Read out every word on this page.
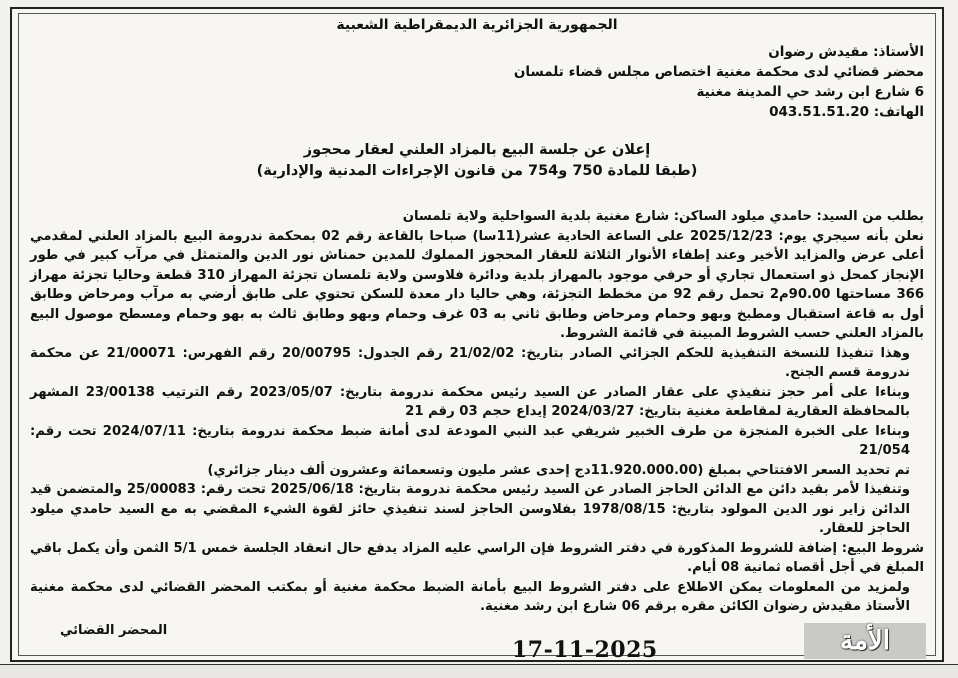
الجمهورية الجزائرية الديمقراطية الشعبية
الأستاذ: مقيدش رضوان
محضر قضائي لدى محكمة مغنية اختصاص مجلس قضاء تلمسان
6 شارع ابن رشد حي المدينة مغنية
الهاتف: 043.51.51.20
إعلان عن جلسة البيع بالمزاد العلني لعقار محجوز
(طبقا للمادة 750 و754 من قانون الإجراءات المدنية والإدارية)
بطلب من السيد: حامدي ميلود الساكن: شارع مغنية بلدية السواحلية ولاية تلمسان
نعلن بأنه سيجري يوم: 2025/12/23 على الساعة الحادية عشر(11سا) صباحا بالقاعة رقم 02 بمحكمة ندرومة البيع بالمزاد العلني لمقدمي أعلى عرض والمزايد الأخير وعند إطفاء الأنوار الثلاثة للعقار المحجوز المملوك للمدين حمناش نور الدين والمتمثل في مرآب كبير في طور الإنجاز كمحل ذو استعمال تجاري أو حرفي موجود بالمهراز بلدية ودائرة فلاوسن ولاية تلمسان تجزئة المهراز 310 قطعة وحاليا تجزئة مهراز 366 مساحتها 90.00م2 تحمل رقم 92 من مخطط التجزئة، وهي حاليا دار معدة للسكن تحتوي على طابق أرضي به مرآب ومرحاض وطابق أول به قاعة استقبال ومطبخ وبهو وحمام ومرحاض وطابق ثاني به 03 غرف وحمام وبهو وطابق ثالث به بهو وحمام ومسطح موصول البيع بالمزاد العلني حسب الشروط المبينة في قائمة الشروط.
وهذا تنفيذا للنسخة التنفيذية للحكم الجزائي الصادر بتاريخ: 21/02/02 رقم الجدول: 20/00795 رقم الفهرس: 21/00071 عن محكمة ندرومة قسم الجنح.
وبناءا على أمر حجز تنفيذي على عقار الصادر عن السيد رئيس محكمة ندرومة بتاريخ: 2023/05/07 رقم الترتيب 23/00138 المشهر بالمحافظة العقارية لمقاطعة مغنية بتاريخ: 2024/03/27 إيداع حجم 03 رقم 21
وبناءا على الخبرة المنجزة من طرف الخبير شريفي عبد النبي المودعة لدى أمانة ضبط محكمة ندرومة بتاريخ: 2024/07/11 تحت رقم: 21/054
تم تحديد السعر الافتتاحي بمبلغ (11.920.000.00دج إحدى عشر مليون وتسعمائة وعشرون ألف دينار جزائري)
وتنفيذا لأمر بقيد دائن مع الدائن الحاجز الصادر عن السيد رئيس محكمة ندرومة بتاريخ: 2025/06/18 تحت رقم: 25/00083 والمتضمن قيد الدائن زاير نور الدين المولود بتاريخ: 1978/08/15 بفلاوسن الحاجز لسند تنفيذي حائز لقوة الشيء المقضي به مع السيد حامدي ميلود الحاجز للعقار.
شروط البيع: إضافة للشروط المذكورة في دفتر الشروط فإن الراسي عليه المزاد يدفع حال انعقاد الجلسة خمس 5/1 الثمن وأن يكمل باقي المبلغ في أجل أقصاه ثمانية 08 أيام.
ولمزيد من المعلومات يمكن الاطلاع على دفتر الشروط البيع بأمانة الضبط محكمة مغنية أو بمكتب المحضر القضائي لدى محكمة مغنية الأستاذ مقيدش رضوان الكائن مقره برقم 06 شارع ابن رشد مغنية.
المحضر القضائي	الأمة
17-11-2025
